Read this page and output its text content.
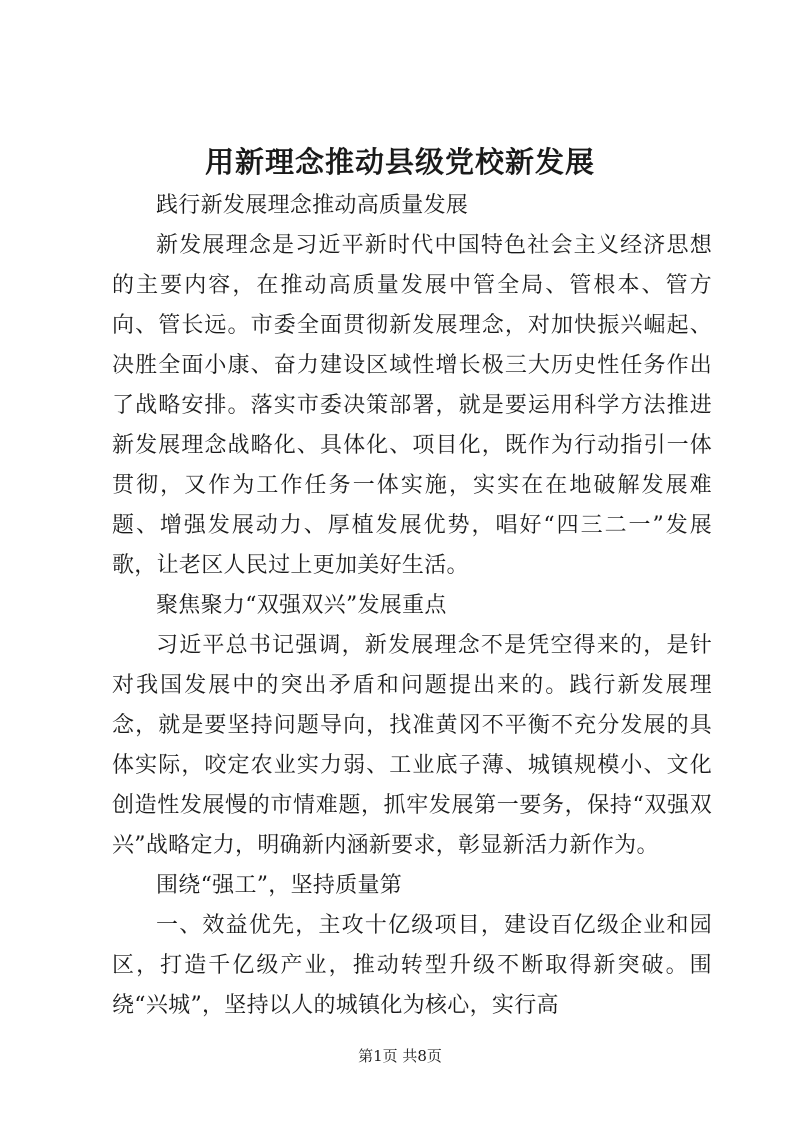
用新理念推动县级党校新发展

践行新发展理念推动高质量发展

新发展理念是习近平新时代中国特色社会主义经济思想的主要内容，在推动高质量发展中管全局、管根本、管方向、管长远。市委全面贯彻新发展理念，对加快振兴崛起、决胜全面小康、奋力建设区域性增长极三大历史性任务作出了战略安排。落实市委决策部署，就是要运用科学方法推进新发展理念战略化、具体化、项目化，既作为行动指引一体贯彻，又作为工作任务一体实施，实实在在地破解发展难题、增强发展动力、厚植发展优势，唱好“四三二一”发展歌，让老区人民过上更加美好生活。

聚焦聚力“双强双兴”发展重点

习近平总书记强调，新发展理念不是凭空得来的，是针对我国发展中的突出矛盾和问题提出来的。践行新发展理念，就是要坚持问题导向，找准黄冈不平衡不充分发展的具体实际，咬定农业实力弱、工业底子薄、城镇规模小、文化创造性发展慢的市情难题，抓牢发展第一要务，保持“双强双兴”战略定力，明确新内涵新要求，彰显新活力新作为。

围绕“强工”，坚持质量第

一、效益优先，主攻十亿级项目，建设百亿级企业和园区，打造千亿级产业，推动转型升级不断取得新突破。围绕“兴城”，坚持以人的城镇化为核心，实行高

第1页 共8页
